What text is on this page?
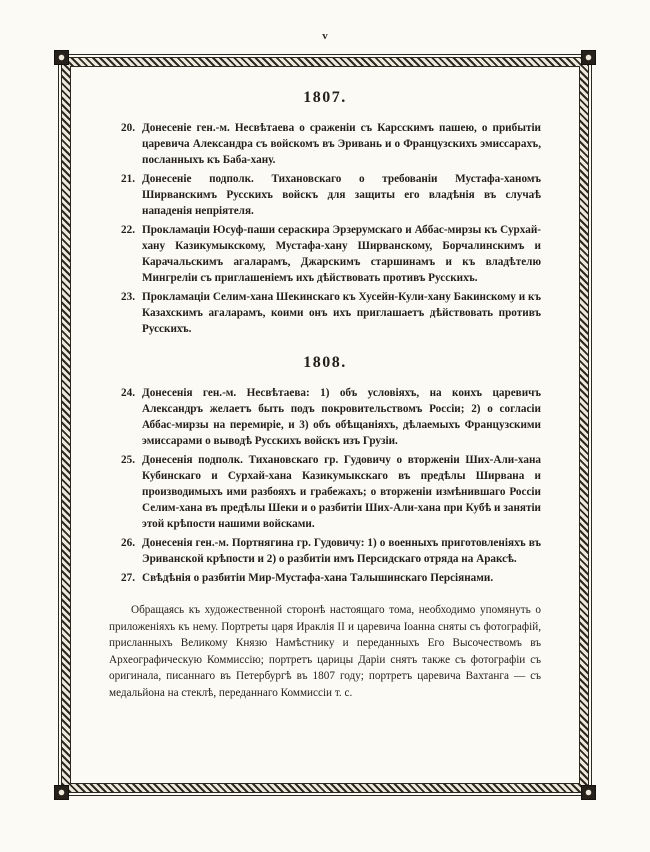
v
1807.
20. Донесеніе ген.-м. Несвѣтаева о сраженіи съ Карсскимъ пашею, о прибытіи царевича Александра съ войскомъ въ Эривань и о Французскихъ эмиссарахъ, посланныхъ къ Баба-хану.
21. Донесеніе подполк. Тихановскаго о требованіи Мустафа-ханомъ Ширванскимъ Русскихъ войскъ для защиты его владѣнія въ случаѣ нападенія непріятеля.
22. Прокламаціи Юсуф-паши сераскира Эрзерумскаго и Аббас-мирзы къ Сурхай-хану Казикумыкскому, Мустафа-хану Ширванскому, Борчалинскимъ и Карачальскимъ агаларамъ, Джарскимъ старшинамъ и къ владѣтелю Мингреліи съ приглашеніемъ ихъ дѣйствовать противъ Русскихъ.
23. Прокламаціи Селим-хана Шекинскаго къ Хусейн-Кули-хану Бакинскому и къ Казахскимъ агаларамъ, коими онъ ихъ приглашаетъ дѣйствовать противъ Русскихъ.
1808.
24. Донесенія ген.-м. Несвѣтаева: 1) объ условіяхъ, на коихъ царевичъ Александръ желаетъ быть подъ покровительствомъ Россіи; 2) о согласіи Аббас-мирзы на перемиріе, и 3) объ обѣщаніяхъ, дѣлаемыхъ Французскими эмиссарами о выводѣ Русскихъ войскъ изъ Грузіи.
25. Донесенія подполк. Тихановскаго гр. Гудовичу о вторженіи Ших-Али-хана Кубинскаго и Сурхай-хана Казикумыкскаго въ предѣлы Ширвана и производимыхъ ими разбояхъ и грабежахъ; о вторженіи измѣнившаго Россіи Селим-хана въ предѣлы Шеки и о разбитіи Ших-Али-хана при Кубѣ и занятіи этой крѣпости нашими войсками.
26. Донесенія ген.-м. Портнягина гр. Гудовичу: 1) о военныхъ приготовленіяхъ въ Эриванской крѣпости и 2) о разбитіи имъ Персидскаго отряда на Араксѣ.
27. Свѣдѣнія о разбитіи Мир-Мустафа-хана Талышинскаго Персіянами.
Обращаясь къ художественной сторонѣ настоящаго тома, необходимо упомянуть о приложеніяхъ къ нему. Портреты царя Ираклія II и царевича Іоанна сняты съ фотографій, присланныхъ Великому Князю Намѣстнику и переданныхъ Его Высочествомъ въ Археографическую Коммиссію; портретъ царицы Даріи снятъ также съ фотографіи съ оригинала, писаннаго въ Петербургѣ въ 1807 году; портретъ царевича Вахтанга — съ медальйона на стеклѣ, переданнаго Коммиссіи т. с.
